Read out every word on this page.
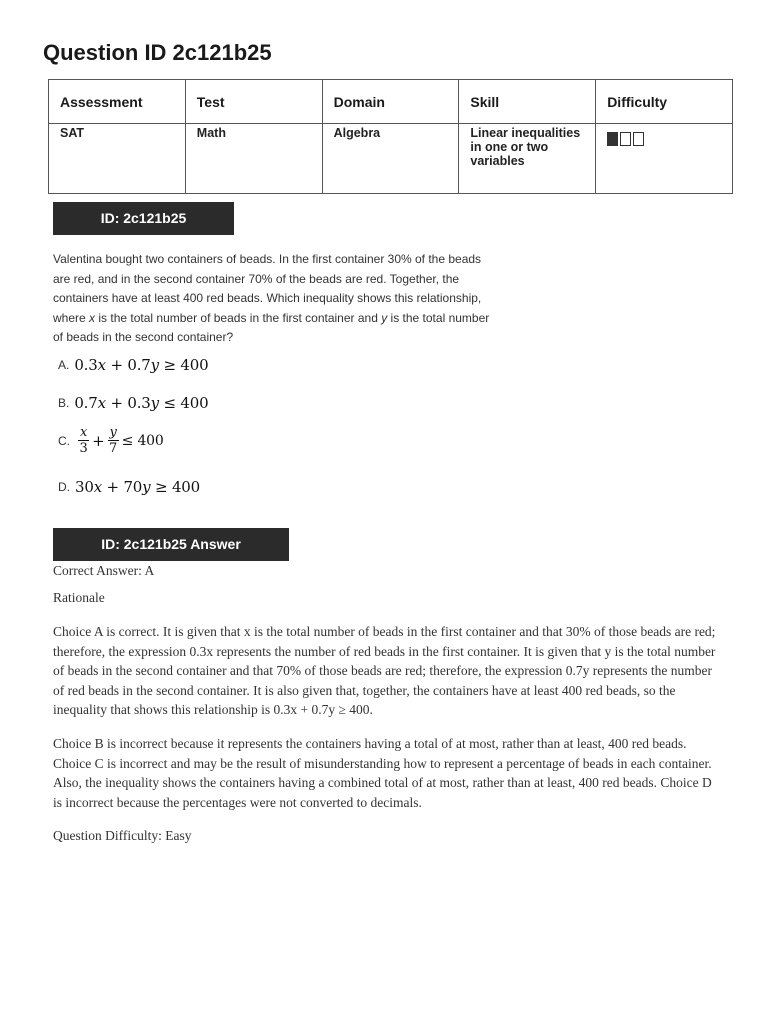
Question ID 2c121b25
Assessment	Test	Domain	Skill	Difficulty
SAT	Math	Algebra	Linear inequalities in one or two variables	
ID: 2c121b25

Valentina bought two containers of beads. In the first container 30% of the beads are red, and in the second container 70% of the beads are red. Together, the containers have at least 400 red beads. Which inequality shows this relationship, where x is the total number of beads in the first container and y is the total number of beads in the second container?

A. 0.3x + 0.7y ≥ 400
B. 0.7x + 0.3y ≤ 400
C. $\frac{x}{3} + \frac{y}{7} \le 400$
D. 30x + 70y ≥ 400
ID: 2c121b25 Answer

Correct Answer: A

Rationale

Choice A is correct. It is given that x is the total number of beads in the first container and that 30% of those beads are red; therefore, the expression 0.3x represents the number of red beads in the first container. It is given that y is the total number of beads in the second container and that 70% of those beads are red; therefore, the expression 0.7y represents the number of red beads in the second container. It is also given that, together, the containers have at least 400 red beads, so the inequality that shows this relationship is 0.3x + 0.7y ≥ 400.

Choice B is incorrect because it represents the containers having a total of at most, rather than at least, 400 red beads. Choice C is incorrect and may be the result of misunderstanding how to represent a percentage of beads in each container. Also, the inequality shows the containers having a combined total of at most, rather than at least, 400 red beads. Choice D is incorrect because the percentages were not converted to decimals.

Question Difficulty: Easy
